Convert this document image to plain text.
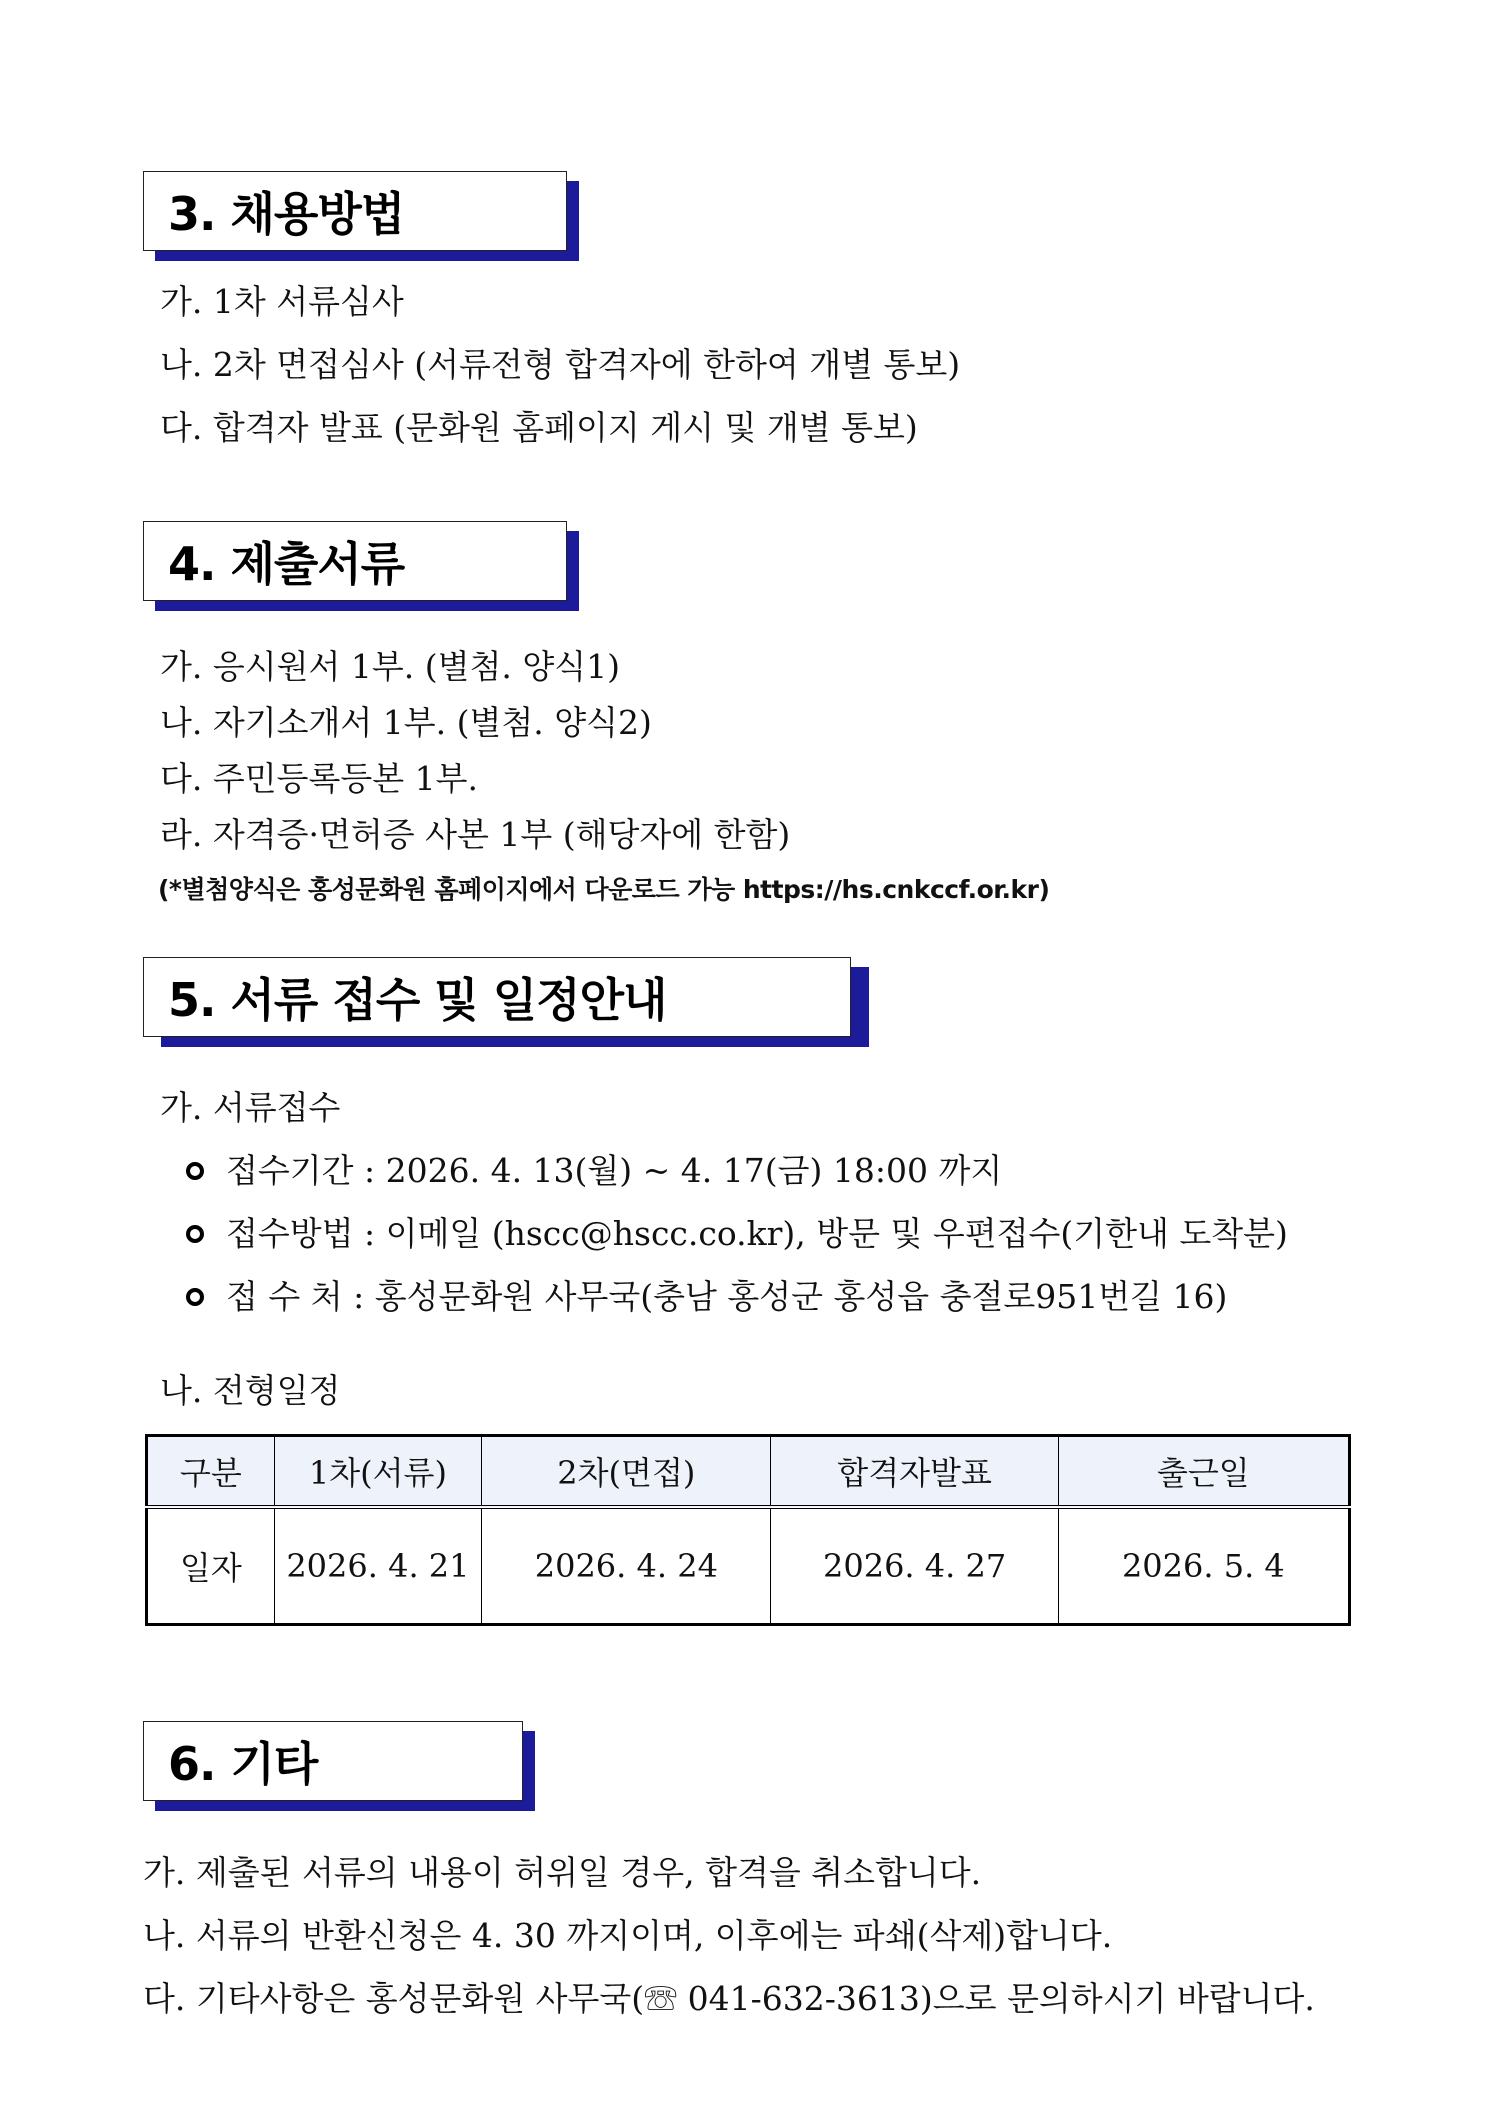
3. 채용방법
가. 1차 서류심사
나. 2차 면접심사 (서류전형 합격자에 한하여 개별 통보)
다. 합격자 발표 (문화원 홈페이지 게시 및 개별 통보)
4. 제출서류
가. 응시원서 1부. (별첨. 양식1)
나. 자기소개서 1부. (별첨. 양식2)
다. 주민등록등본 1부.
라. 자격증·면허증 사본 1부 (해당자에 한함)
(*별첨양식은 홍성문화원 홈페이지에서 다운로드 가능 https://hs.cnkccf.or.kr)
5. 서류 접수 및 일정안내
가. 서류접수
접수기간 : 2026. 4. 13(월) ~ 4. 17(금) 18:00 까지
접수방법 : 이메일 (hscc@hscc.co.kr), 방문 및 우편접수(기한내 도착분)
접 수 처 : 홍성문화원 사무국(충남 홍성군 홍성읍 충절로951번길 16)
나. 전형일정
구분	1차(서류)	2차(면접)	합격자발표	출근일
일자	2026. 4. 21	2026. 4. 24	2026. 4. 27	2026. 5. 4
6. 기타
가. 제출된 서류의 내용이 허위일 경우, 합격을 취소합니다.
나. 서류의 반환신청은 4. 30 까지이며, 이후에는 파쇄(삭제)합니다.
다. 기타사항은 홍성문화원 사무국(☏ 041-632-3613)으로 문의하시기 바랍니다.
